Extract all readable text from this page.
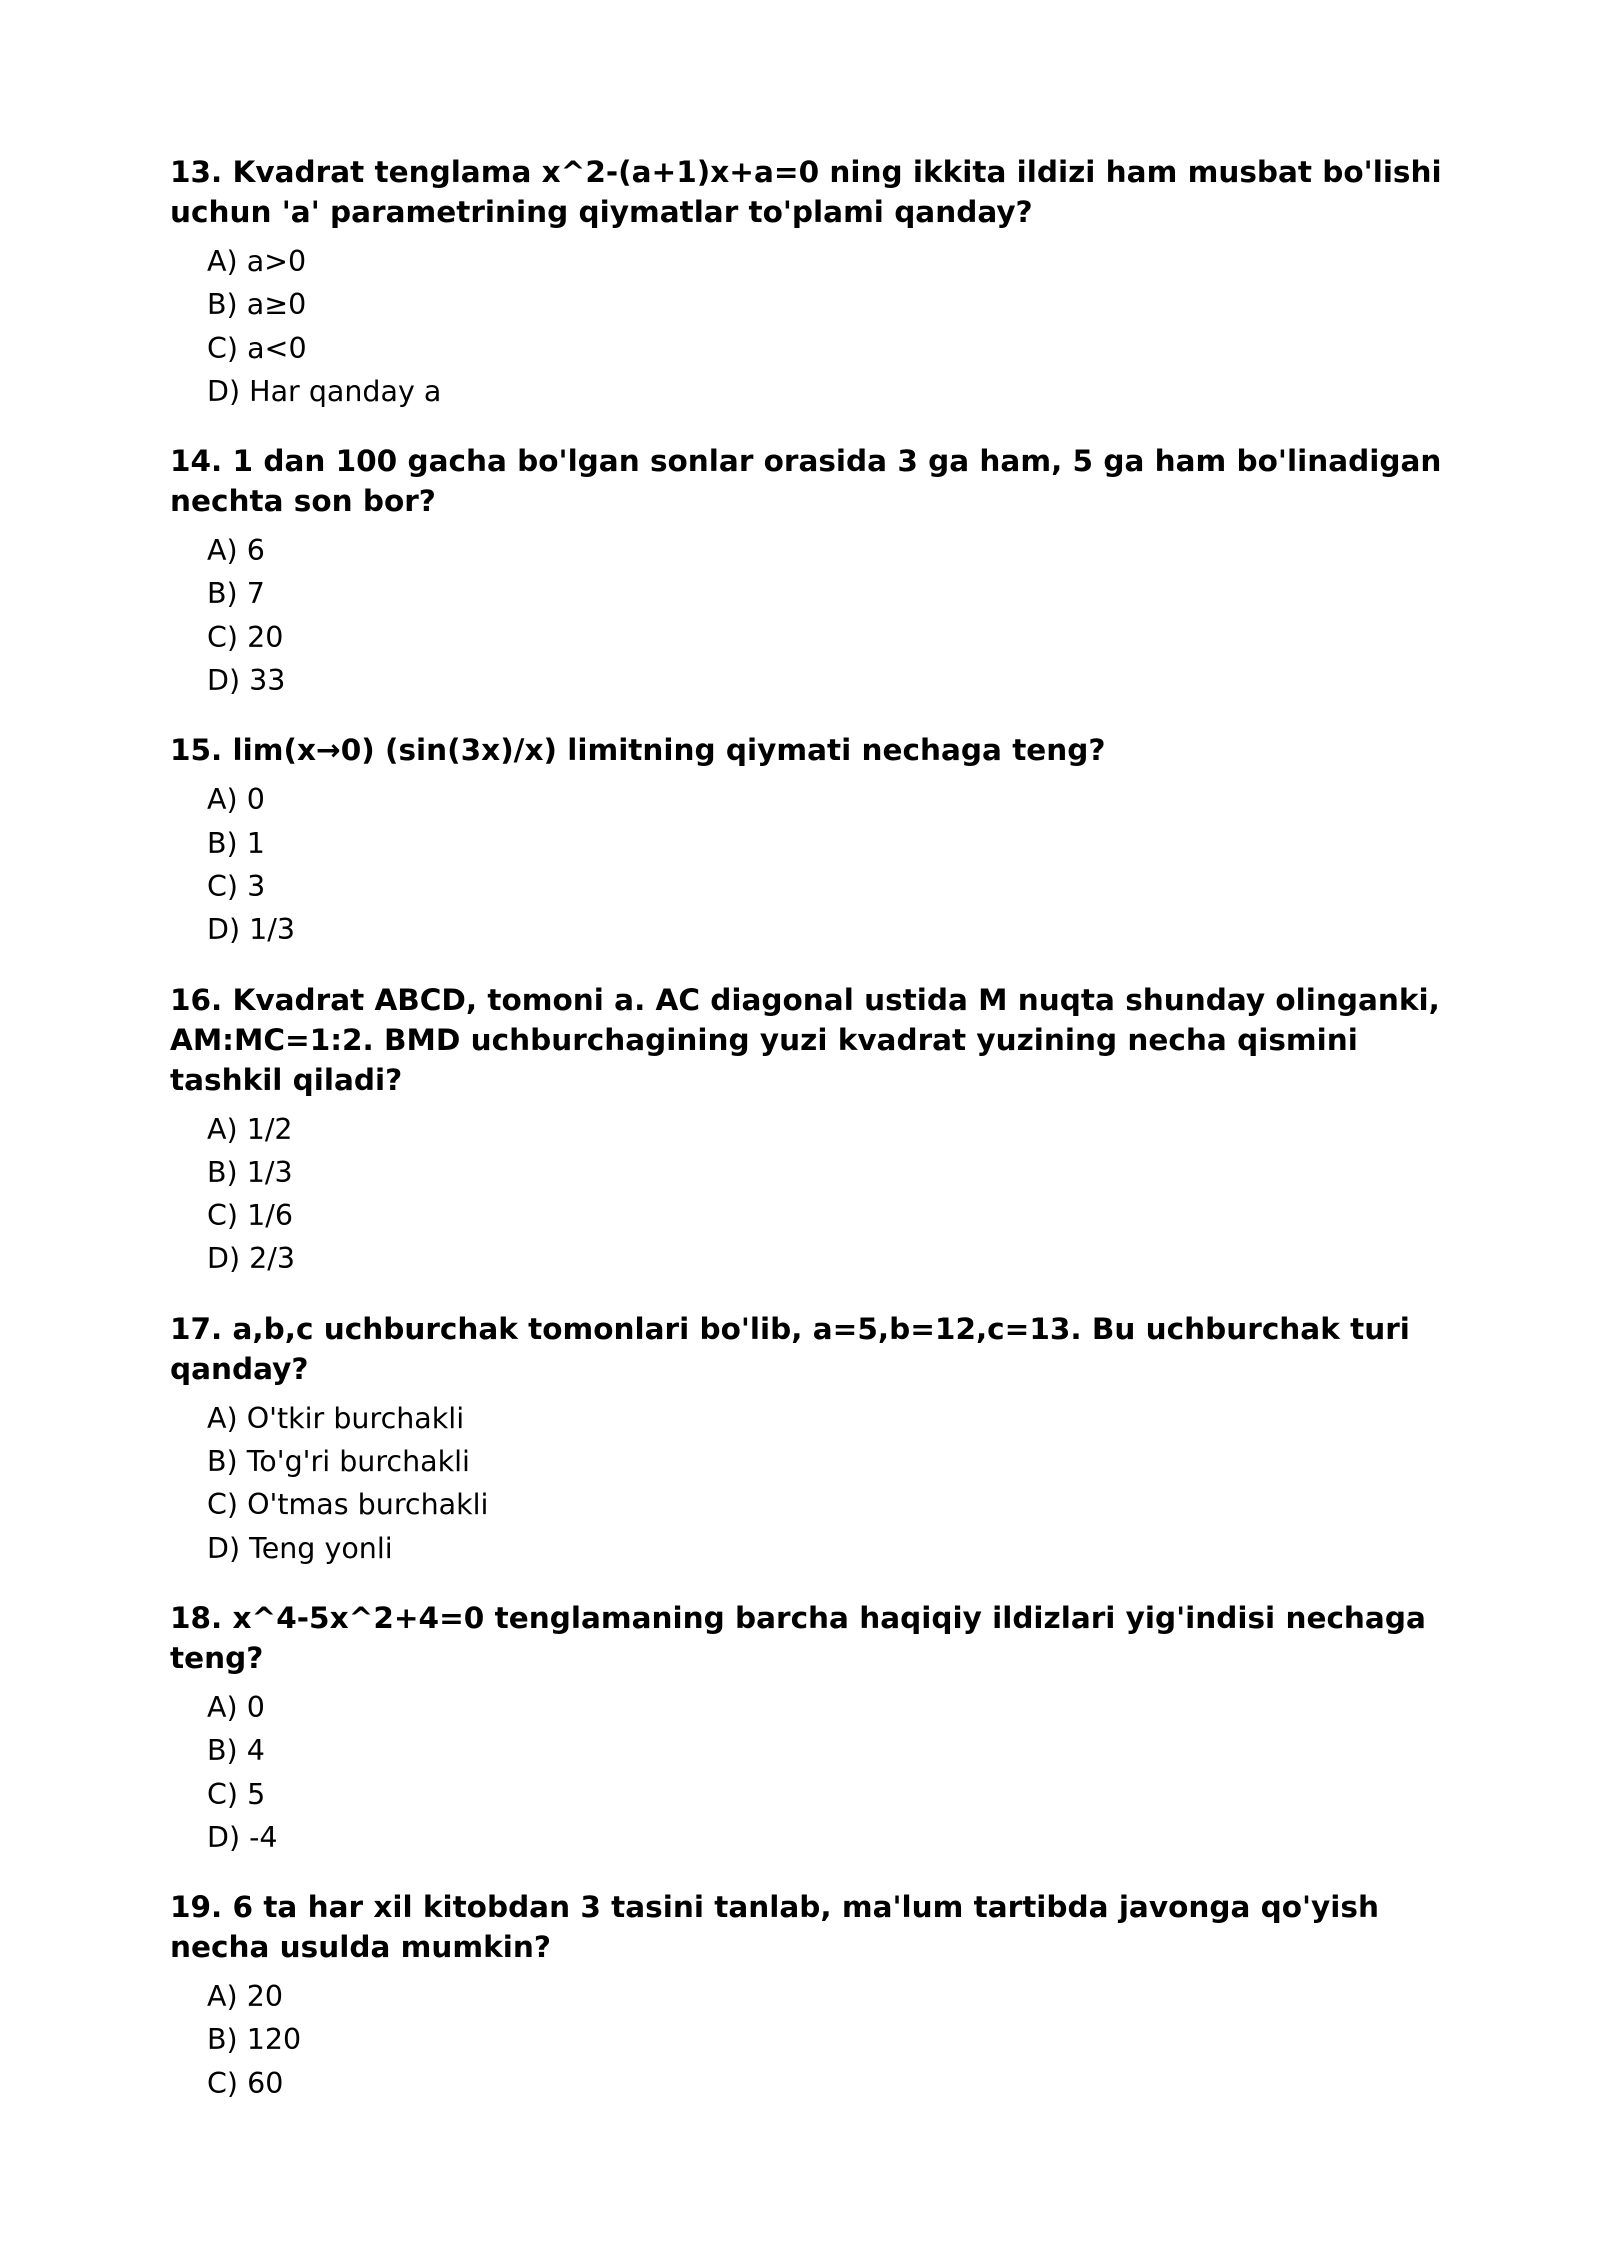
13. Kvadrat tenglama x^2-(a+1)x+a=0 ning ikkita ildizi ham musbat bo'lishi uchun 'a' parametrining qiymatlar to'plami qanday?
A) a>0
B) a≥0
C) a<0
D) Har qanday a
14. 1 dan 100 gacha bo'lgan sonlar orasida 3 ga ham, 5 ga ham bo'linadigan nechta son bor?
A) 6
B) 7
C) 20
D) 33
15. lim(x→0) (sin(3x)/x) limitning qiymati nechaga teng?
A) 0
B) 1
C) 3
D) 1/3
16. Kvadrat ABCD, tomoni a. AC diagonal ustida M nuqta shunday olinganki, AM:MC=1:2. BMD uchburchagining yuzi kvadrat yuzining necha qismini tashkil qiladi?
A) 1/2
B) 1/3
C) 1/6
D) 2/3
17. a,b,c uchburchak tomonlari bo'lib, a=5,b=12,c=13. Bu uchburchak turi qanday?
A) O'tkir burchakli
B) To'g'ri burchakli
C) O'tmas burchakli
D) Teng yonli
18. x^4-5x^2+4=0 tenglamaning barcha haqiqiy ildizlari yig'indisi nechaga teng?
A) 0
B) 4
C) 5
D) -4
19. 6 ta har xil kitobdan 3 tasini tanlab, ma'lum tartibda javonga qo'yish necha usulda mumkin?
A) 20
B) 120
C) 60
